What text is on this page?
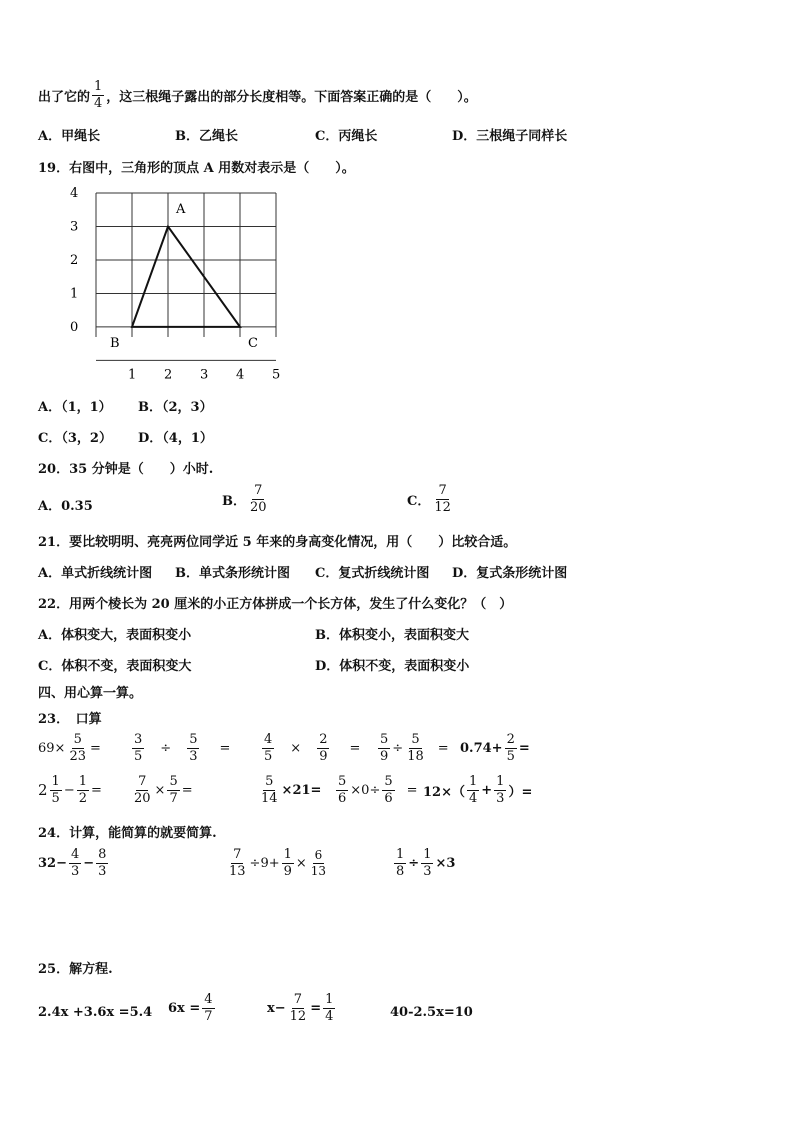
出了它的 $\frac{1}{4}$ ，这三根绳子露出的部分长度相等。下面答案正确的是（　　）。
A．甲绳长	B．乙绳长	C．丙绳长	D．三根绳子同样长
19．右图中，三角形的顶点 A 用数对表示是（　　）。
4
3
2
1
0
1 2 3 4 5
A
B	C
A．（1，1） B．（2，3）
C．（3，2） D．（4，1）
20．35 分钟是（　　）小时.
A．0.35	B． $\frac{7}{20}$	C． $\frac{7}{12}$
21．要比较明明、亮亮两位同学近 5 年来的身高变化情况，用（　　）比较合适。
A．单式折线统计图 B．单式条形统计图 C．复式折线统计图 D．复式条形统计图
22．用两个棱长为 20 厘米的小正方体拼成一个长方体，发生了什么变化？（　）
A．体积变大，表面积变小	B．体积变小，表面积变大
C．体积不变，表面积变大	D．体积不变，表面积变小
四、用心算一算。
23．　口算
$69\times \frac{5}{23} = \frac{3}{5} \div \frac{5}{3} = \frac{4}{5} \times \frac{2}{9} = \frac{5}{9} \div \frac{5}{18} = 0.74+ \frac{2}{5}$ =
$2 \frac{1}{5} - \frac{1}{2} = \frac{7}{20} \times \frac{5}{7}$ =	$\frac{5}{14} \times 21= \frac{5}{6} \times 0\div \frac{5}{6} = 12\times( \frac{1}{4} + \frac{1}{3}$ ）=
24．计算，能简算的就要简算.
$32- \frac{4}{3} - \frac{8}{3}$	$\frac{7}{13} \div 9+ \frac{1}{9} \times \frac{6}{13}$	$\frac{1}{8} \div \frac{1}{3} \times 3$
25．解方程.
2.4x +3.6x =5.4 $6x = \frac{4}{7}$	$x- \frac{7}{12} = \frac{1}{4}$	40-2.5x=10
